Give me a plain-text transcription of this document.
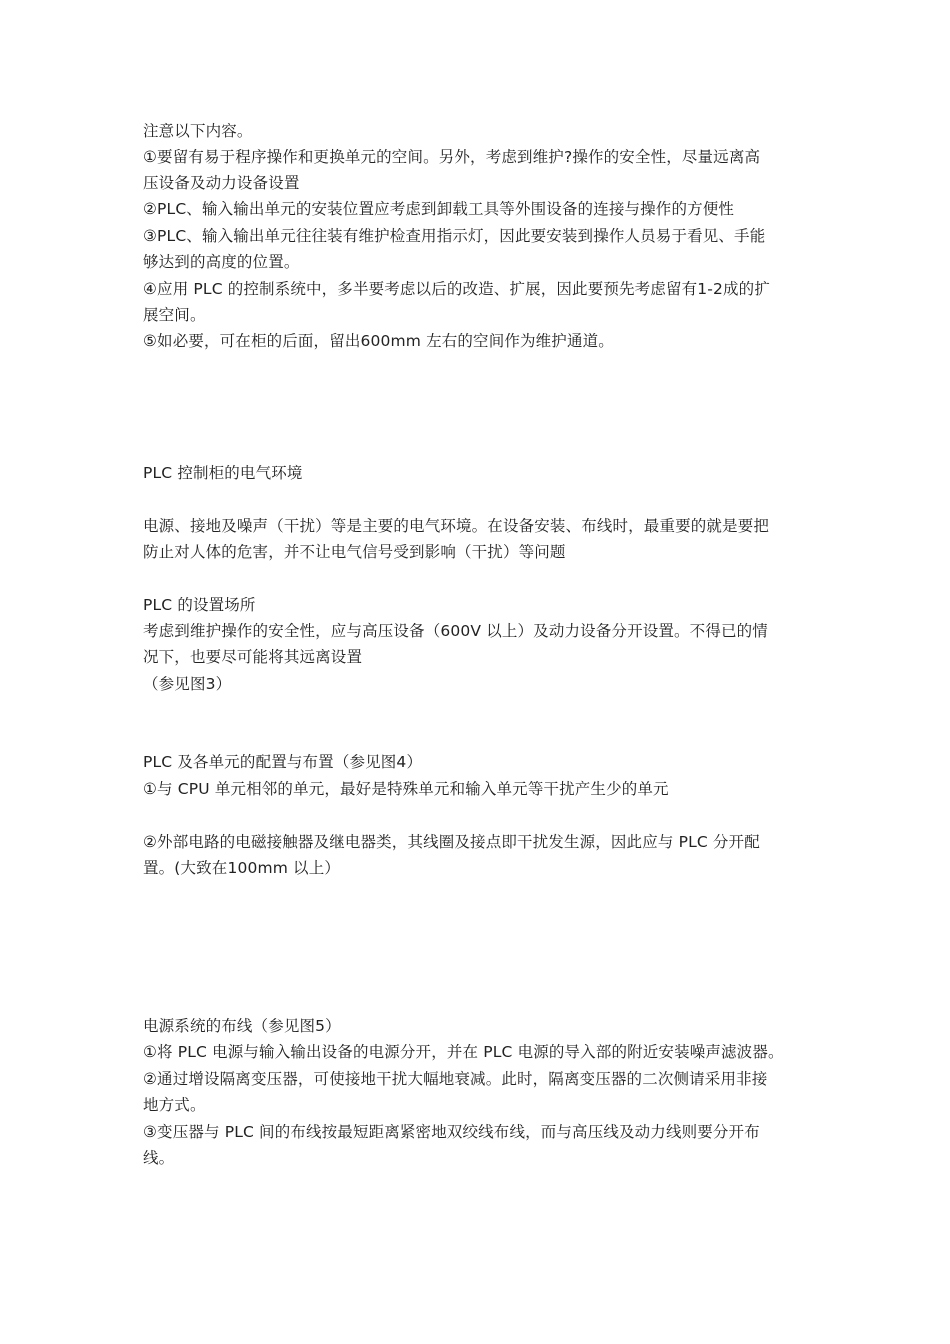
注意以下内容。
①要留有易于程序操作和更换单元的空间。另外，考虑到维护?操作的安全性，尽量远离高
压设备及动力设备设置
②PLC、输入输出单元的安装位置应考虑到卸载工具等外围设备的连接与操作的方便性
③PLC、输入输出单元往往装有维护检查用指示灯，因此要安装到操作人员易于看见、手能
够达到的高度的位置。
④应用 PLC 的控制系统中，多半要考虑以后的改造、扩展，因此要预先考虑留有1-2成的扩
展空间。
⑤如必要，可在柜的后面，留出600mm 左右的空间作为维护通道。
PLC 控制柜的电气环境
电源、接地及噪声（干扰）等是主要的电气环境。在设备安装、布线时，最重要的就是要把
防止对人体的危害，并不让电气信号受到影响（干扰）等问题
PLC 的设置场所
考虑到维护操作的安全性，应与高压设备（600V 以上）及动力设备分开设置。不得已的情
况下，也要尽可能将其远离设置
（参见图3）
PLC 及各单元的配置与布置（参见图4）
①与 CPU 单元相邻的单元，最好是特殊单元和输入单元等干扰产生少的单元
②外部电路的电磁接触器及继电器类，其线圈及接点即干扰发生源，因此应与 PLC 分开配
置。(大致在100mm 以上）
电源系统的布线（参见图5）
①将 PLC 电源与输入输出设备的电源分开，并在 PLC 电源的导入部的附近安装噪声滤波器。
②通过增设隔离变压器，可使接地干扰大幅地衰减。此时，隔离变压器的二次侧请采用非接
地方式。
③变压器与 PLC 间的布线按最短距离紧密地双绞线布线，而与高压线及动力线则要分开布
线。
